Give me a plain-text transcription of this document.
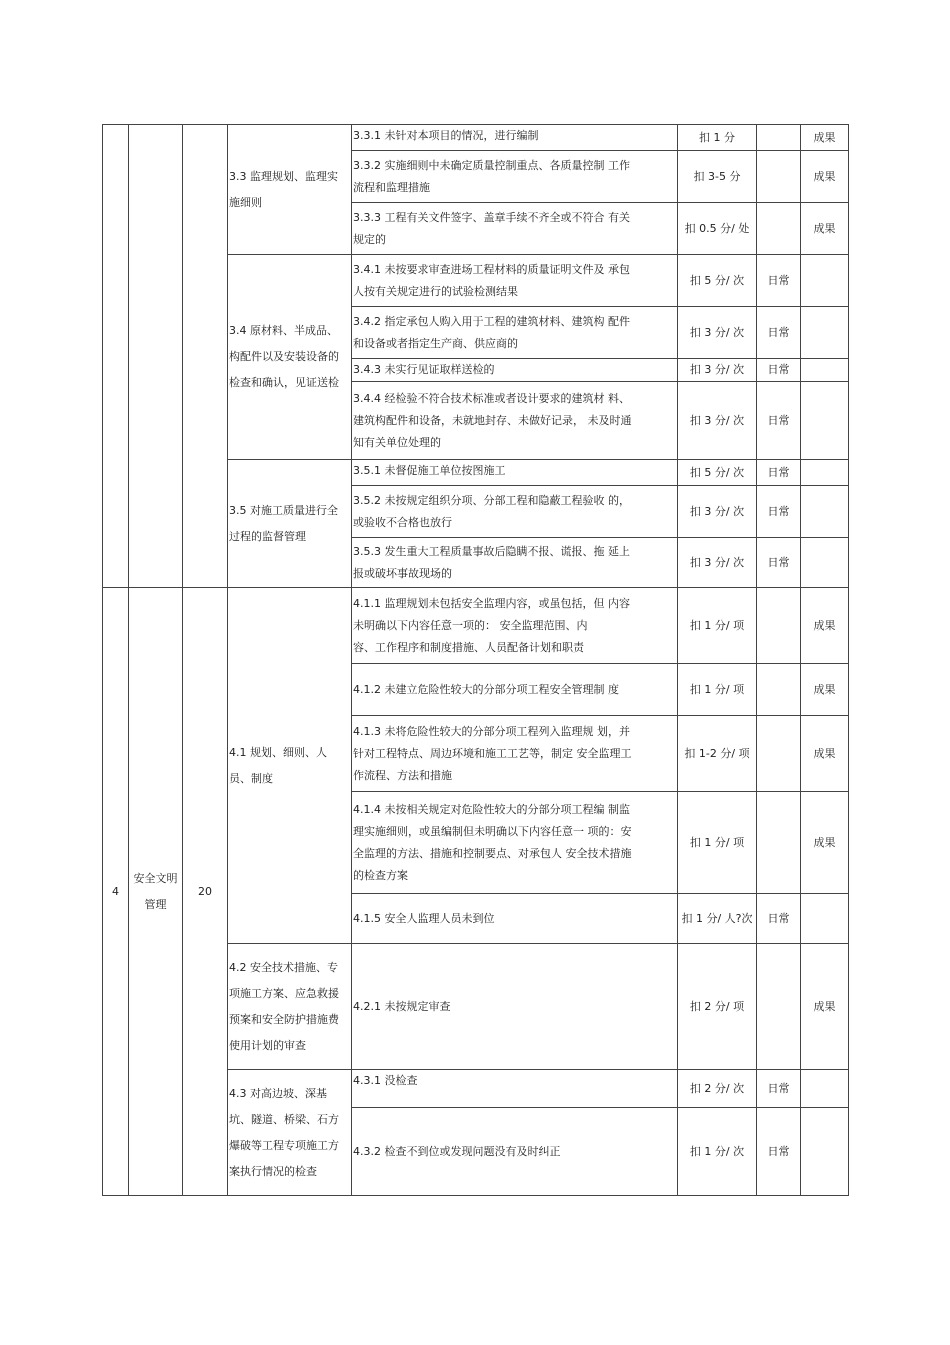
			3.3 监理规划、监理实施细则	3.3.1 未针对本项目的情况，进行编制	扣 1 分		成果

				3.3.2 实施细则中未确定质量控制重点、各质量控制 工作
流程和监理措施	扣 3-5 分		成果

				3.3.3 工程有关文件签字、盖章手续不齐全或不符合 有关
规定的	扣 0.5 分/ 处		成果
			3.4 原材料、半成品、构配件以及安装设备的检查和确认，见证送检	3.4.1 未按要求审查进场工程材料的质量证明文件及 承包
人按有关规定进行的试验检测结果	扣 5 分/ 次	日常	

				3.4.2 指定承包人购入用于工程的建筑材料、建筑构 配件
和设备或者指定生产商、供应商的	扣 3 分/ 次	日常	

				3.4.3 未实行见证取样送检的	扣 3 分/ 次	日常	

				3.4.4 经检验不符合技术标准或者设计要求的建筑材 料、
建筑构配件和设备，未就地封存、未做好记录， 未及时通
知有关单位处理的	扣 3 分/ 次	日常	
			3.5 对施工质量进行全过程的监督管理	3.5.1 未督促施工单位按图施工	扣 5 分/ 次	日常	

				3.5.2 未按规定组织分项、分部工程和隐蔽工程验收 的，
或验收不合格也放行	扣 3 分/ 次	日常	

				3.5.3 发生重大工程质量事故后隐瞒不报、谎报、拖 延上
报或破坏事故现场的	扣 3 分/ 次	日常	
4	安全文明 管理	20	4.1 规划、细则、人员、制度	4.1.1 监理规划未包括安全监理内容，或虽包括，但 内容
未明确以下内容任意一项的： 安全监理范围、内
容、工作程序和制度措施、人员配备计划和职责	扣 1 分/ 项		成果

				4.1.2 未建立危险性较大的分部分项工程安全管理制 度	扣 1 分/ 项		成果

				4.1.3 未将危险性较大的分部分项工程列入监理规 划，并
针对工程特点、周边环境和施工工艺等，制定 安全监理工
作流程、方法和措施	扣 1-2 分/ 项		成果

				4.1.4 未按相关规定对危险性较大的分部分项工程编 制监
理实施细则，或虽编制但未明确以下内容任意一 项的：安
全监理的方法、措施和控制要点、对承包人 安全技术措施
的检查方案	扣 1 分/ 项		成果

				4.1.5 安全人监理人员未到位	扣 1 分/ 人?次	日常	
			4.2 安全技术措施、专项施工方案、应急救援预案和安全防护措施费使用计划的审查	4.2.1 未按规定审查	扣 2 分/ 项		成果
			4.3 对高边坡、深基坑、隧道、桥梁、石方爆破等工程专项施工方案执行情况的检查	4.3.1 没检查	扣 2 分/ 次	日常	

				4.3.2 检查不到位或发现问题没有及时纠正	扣 1 分/ 次	日常	
